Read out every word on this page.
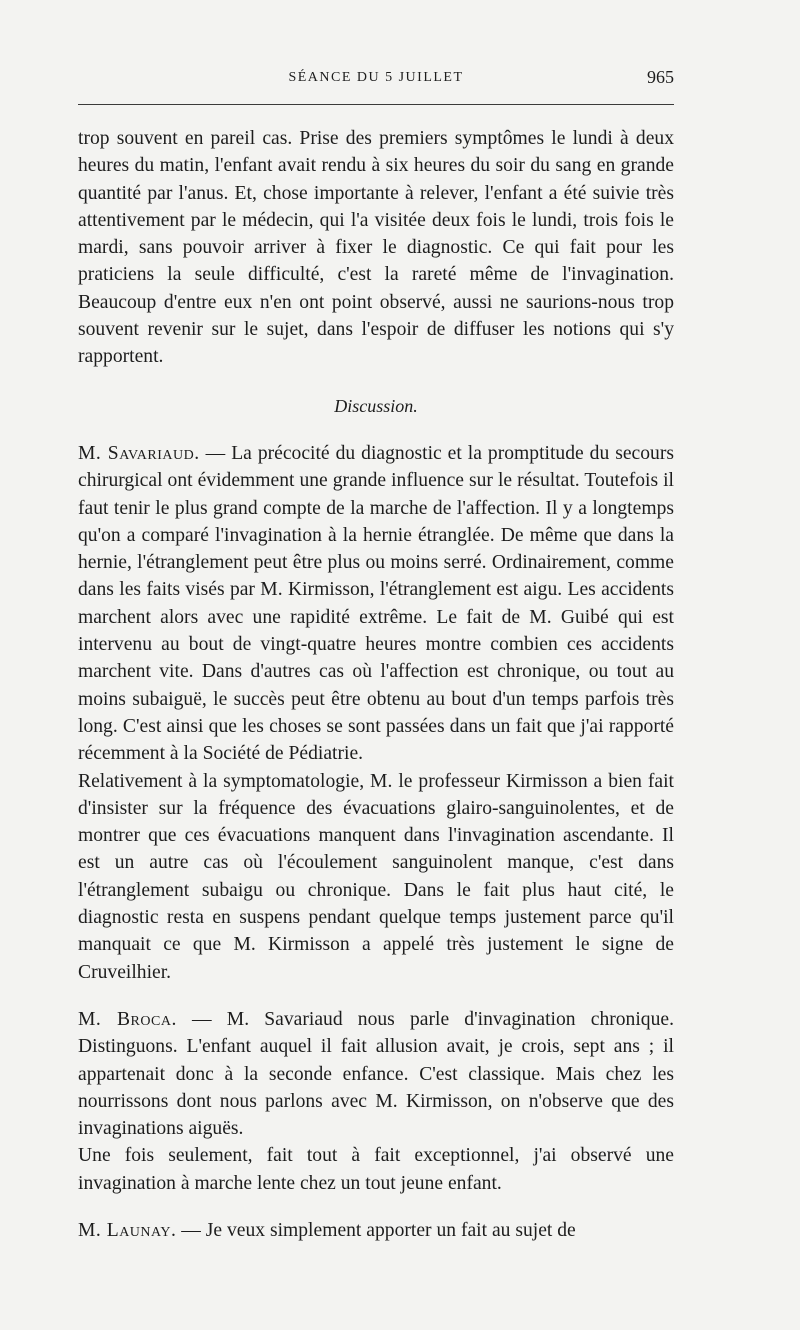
SÉANCE DU 5 JUILLET	965

trop souvent en pareil cas. Prise des premiers symptômes le lundi à deux heures du matin, l'enfant avait rendu à six heures du soir du sang en grande quantité par l'anus. Et, chose importante à relever, l'enfant a été suivie très attentivement par le médecin, qui l'a visitée deux fois le lundi, trois fois le mardi, sans pouvoir arriver à fixer le diagnostic. Ce qui fait pour les praticiens la seule difficulté, c'est la rareté même de l'invagination. Beaucoup d'entre eux n'en ont point observé, aussi ne saurions-nous trop souvent revenir sur le sujet, dans l'espoir de diffuser les notions qui s'y rapportent.

Discussion.

M. Savariaud. — La précocité du diagnostic et la promptitude du secours chirurgical ont évidemment une grande influence sur le résultat. Toutefois il faut tenir le plus grand compte de la marche de l'affection. Il y a longtemps qu'on a comparé l'invagination à la hernie étranglée. De même que dans la hernie, l'étranglement peut être plus ou moins serré. Ordinairement, comme dans les faits visés par M. Kirmisson, l'étranglement est aigu. Les accidents marchent alors avec une rapidité extrême. Le fait de M. Guibé qui est intervenu au bout de vingt-quatre heures montre combien ces accidents marchent vite. Dans d'autres cas où l'affection est chronique, ou tout au moins subaiguë, le succès peut être obtenu au bout d'un temps parfois très long. C'est ainsi que les choses se sont passées dans un fait que j'ai rapporté récemment à la Société de Pédiatrie.

Relativement à la symptomatologie, M. le professeur Kirmisson a bien fait d'insister sur la fréquence des évacuations glairo-sanguinolentes, et de montrer que ces évacuations manquent dans l'invagination ascendante. Il est un autre cas où l'écoulement sanguinolent manque, c'est dans l'étranglement subaigu ou chronique. Dans le fait plus haut cité, le diagnostic resta en suspens pendant quelque temps justement parce qu'il manquait ce que M. Kirmisson a appelé très justement le signe de Cruveilhier.

M. Broca. — M. Savariaud nous parle d'invagination chronique. Distinguons. L'enfant auquel il fait allusion avait, je crois, sept ans ; il appartenait donc à la seconde enfance. C'est classique. Mais chez les nourrissons dont nous parlons avec M. Kirmisson, on n'observe que des invaginations aiguës.

Une fois seulement, fait tout à fait exceptionnel, j'ai observé une invagination à marche lente chez un tout jeune enfant.

M. Launay. — Je veux simplement apporter un fait au sujet de
